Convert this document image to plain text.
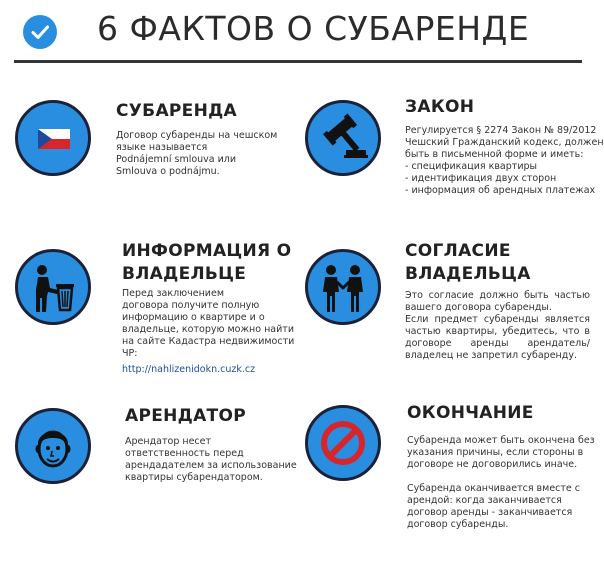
6 ФАКТОВ О СУБАРЕНДЕ
СУБАРЕНДА
Договор субаренды на чешском
языке называется
Podnájemní smlouva или
Smlouva o podnájmu.
ЗАКОН
Регулируется § 2274 Закон № 89/2012
Чешский Гражданский кодекс, должен
быть в письменной форме и иметь:
- спецификация квартиры
- идентификация двух сторон
- информация об арендных платежах
ИНФОРМАЦИЯ О
ВЛАДЕЛЬЦЕ
Перед заключением
договора получите полную
информацию о квартире и о
владельце, которую можно найти
на сайте Кадастра недвижимости
ЧР:
http://nahlizenidokn.cuzk.cz
СОГЛАСИЕ
ВЛАДЕЛЬЦА
Это согласие должно быть частью
вашего договора субаренды.
Если предмет субаренды является
частью квартиры, убедитесь, что в
договоре аренды арендатель/
владелец не запретил субаренду.
АРЕНДАТОР
Арендатор несет
ответственность перед
арендадателем за использование
квартиры субарендатором.
ОКОНЧАНИЕ
Субаренда может быть окончена без
указания причины, если стороны в
договоре не договорились иначе.
Субаренда оканчивается вместе с
арендой: когда заканчивается
договор аренды - заканчивается
договор субаренды.
